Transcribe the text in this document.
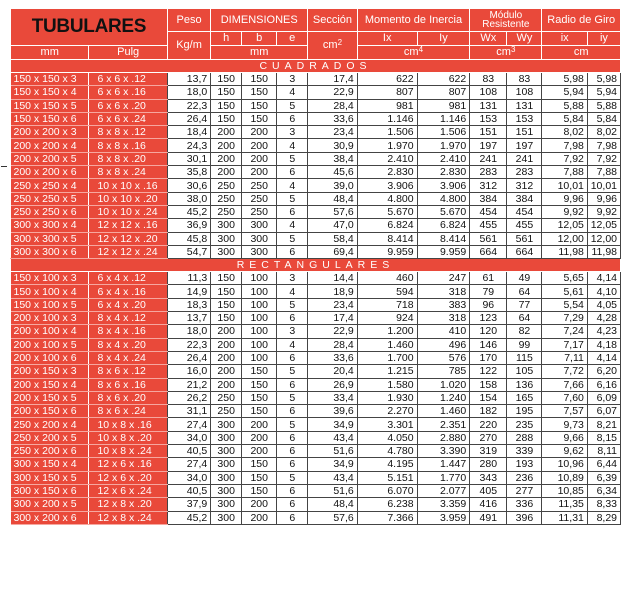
TUBULARES		Peso	DIMENSIONES			Sección	Momento de Inercia		Módulo
Resistente		Radio de Giro	
		Kg/m	h	b	e	$cm^2$	Ix	Iy	Wx	Wy	ix	iy
mm	Pulg		mm				$cm^4$		$cm^3$		cm	
CUADRADOS												
150 x 150 x 3	6 x 6 x .12	13,7	150	150	3	17,4	622	622	83	83	5,98	5,98
150 x 150 x 4	6 x 6 x .16	18,0	150	150	4	22,9	807	807	108	108	5,94	5,94
150 x 150 x 5	6 x 6 x .20	22,3	150	150	5	28,4	981	981	131	131	5,88	5,88
150 x 150 x 6	6 x 6 x .24	26,4	150	150	6	33,6	1.146	1.146	153	153	5,84	5,84
200 x 200 x 3	8 x 8 x .12	18,4	200	200	3	23,4	1.506	1.506	151	151	8,02	8,02
200 x 200 x 4	8 x 8 x .16	24,3	200	200	4	30,9	1.970	1.970	197	197	7,98	7,98
200 x 200 x 5	8 x 8 x .20	30,1	200	200	5	38,4	2.410	2.410	241	241	7,92	7,92
200 x 200 x 6	8 x 8 x .24	35,8	200	200	6	45,6	2.830	2.830	283	283	7,88	7,88
250 x 250 x 4	10 x 10 x .16	30,6	250	250	4	39,0	3.906	3.906	312	312	10,01	10,01
250 x 250 x 5	10 x 10 x .20	38,0	250	250	5	48,4	4.800	4.800	384	384	9,96	9,96
250 x 250 x 6	10 x 10 x .24	45,2	250	250	6	57,6	5.670	5.670	454	454	9,92	9,92
300 x 300 x 4	12 x 12 x .16	36,9	300	300	4	47,0	6.824	6.824	455	455	12,05	12,05
300 x 300 x 5	12 x 12 x .20	45,8	300	300	5	58,4	8.414	8.414	561	561	12,00	12,00
300 x 300 x 6	12 x 12 x .24	54,7	300	300	6	69,4	9.959	9.959	664	664	11,98	11,98
RECTANGULARES												
150 x 100 x 3	6 x 4 x .12	11,3	150	100	3	14,4	460	247	61	49	5,65	4,14
150 x 100 x 4	6 x 4 x .16	14,9	150	100	4	18,9	594	318	79	64	5,61	4,10
150 x 100 x 5	6 x 4 x .20	18,3	150	100	5	23,4	718	383	96	77	5,54	4,05
200 x 100 x 3	8 x 4 x .12	13,7	150	100	6	17,4	924	318	123	64	7,29	4,28
200 x 100 x 4	8 x 4 x .16	18,0	200	100	3	22,9	1.200	410	120	82	7,24	4,23
200 x 100 x 5	8 x 4 x .20	22,3	200	100	4	28,4	1.460	496	146	99	7,17	4,18
200 x 100 x 6	8 x 4 x .24	26,4	200	100	6	33,6	1.700	576	170	115	7,11	4,14
200 x 150 x 3	8 x 6 x .12	16,0	200	150	5	20,4	1.215	785	122	105	7,72	6,20
200 x 150 x 4	8 x 6 x .16	21,2	200	150	6	26,9	1.580	1.020	158	136	7,66	6,16
200 x 150 x 5	8 x 6 x .20	26,2	250	150	5	33,4	1.930	1.240	154	165	7,60	6,09
200 x 150 x 6	8 x 6 x .24	31,1	250	150	6	39,6	2.270	1.460	182	195	7,57	6,07
250 x 200 x 4	10 x 8 x .16	27,4	300	200	5	34,9	3.301	2.351	220	235	9,73	8,21
250 x 200 x 5	10 x 8 x .20	34,0	300	200	6	43,4	4.050	2.880	270	288	9,66	8,15
250 x 200 x 6	10 x 8 x .24	40,5	300	200	6	51,6	4.780	3.390	319	339	9,62	8,11
300 x 150 x 4	12 x 6 x .16	27,4	300	150	6	34,9	4.195	1.447	280	193	10,96	6,44
300 x 150 x 5	12 x 6 x .20	34,0	300	150	5	43,4	5.151	1.770	343	236	10,89	6,39
300 x 150 x 6	12 x 6 x .24	40,5	300	150	6	51,6	6.070	2.077	405	277	10,85	6,34
300 x 200 x 5	12 x 8 x .20	37,9	300	200	6	48,4	6.238	3.359	416	336	11,35	8,33
300 x 200 x 6	12 x 8 x .24	45,2	300	200	6	57,6	7.366	3.959	491	396	11,31	8,29
